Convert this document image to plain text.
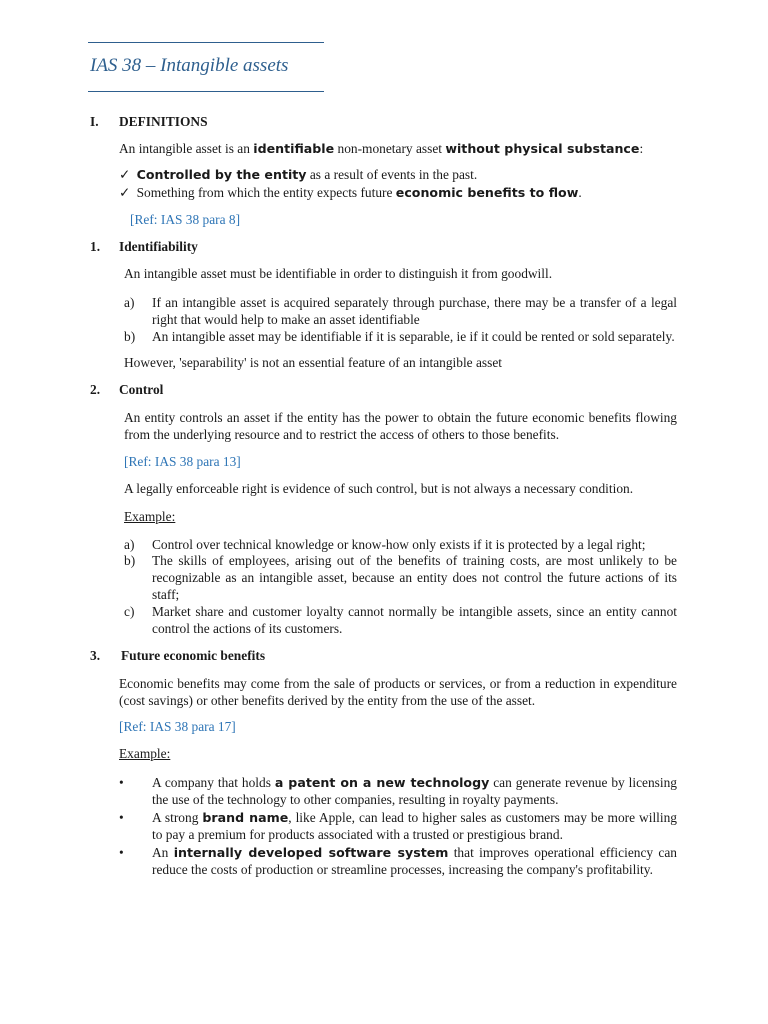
IAS 38 – Intangible assets
I. DEFINITIONS
An intangible asset is an identifiable non-monetary asset without physical substance:
✓ Controlled by the entity as a result of events in the past.
✓ Something from which the entity expects future economic benefits to flow.
[Ref: IAS 38 para 8]
1. Identifiability
An intangible asset must be identifiable in order to distinguish it from goodwill.
a) If an intangible asset is acquired separately through purchase, there may be a transfer of a legal right that would help to make an asset identifiable
b) An intangible asset may be identifiable if it is separable, ie if it could be rented or sold separately.
However, 'separability' is not an essential feature of an intangible asset
2. Control
An entity controls an asset if the entity has the power to obtain the future economic benefits flowing from the underlying resource and to restrict the access of others to those benefits.
[Ref: IAS 38 para 13]
A legally enforceable right is evidence of such control, but is not always a necessary condition.
Example:
a) Control over technical knowledge or know-how only exists if it is protected by a legal right;
b) The skills of employees, arising out of the benefits of training costs, are most unlikely to be recognizable as an intangible asset, because an entity does not control the future actions of its staff;
c) Market share and customer loyalty cannot normally be intangible assets, since an entity cannot control the actions of its customers.
3. Future economic benefits
Economic benefits may come from the sale of products or services, or from a reduction in expenditure (cost savings) or other benefits derived by the entity from the use of the asset.
[Ref: IAS 38 para 17]
Example:
• A company that holds a patent on a new technology can generate revenue by licensing the use of the technology to other companies, resulting in royalty payments.
• A strong brand name, like Apple, can lead to higher sales as customers may be more willing to pay a premium for products associated with a trusted or prestigious brand.
• An internally developed software system that improves operational efficiency can reduce the costs of production or streamline processes, increasing the company's profitability.
